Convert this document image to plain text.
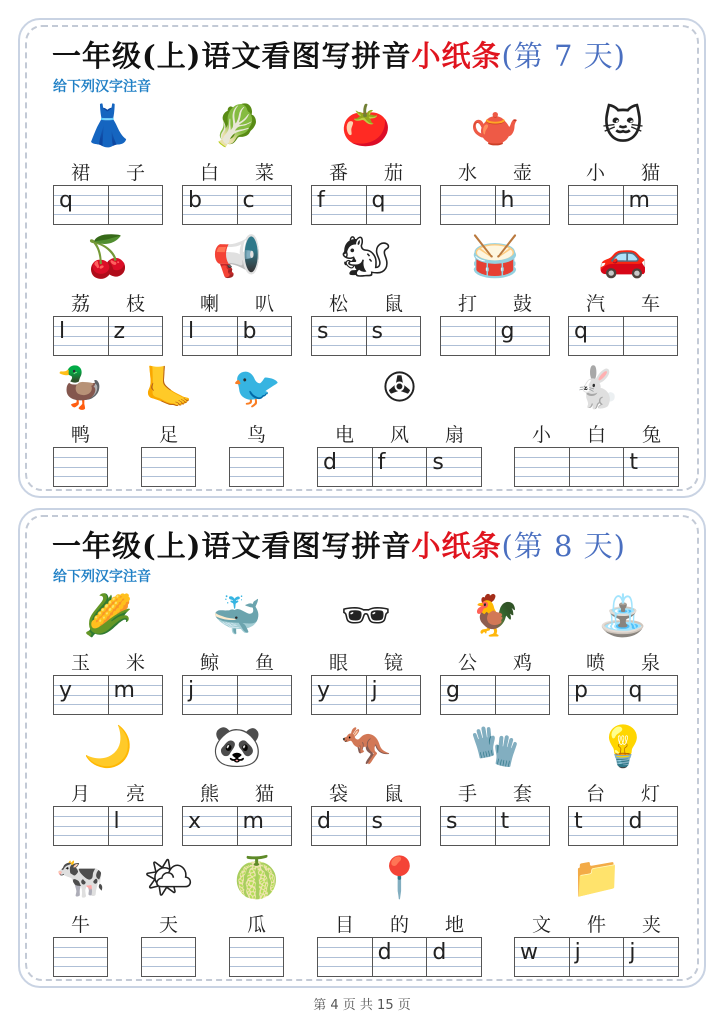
一年级(上)语文看图写拼音小纸条(第 7 天)
给下列汉字注音
👗
裙 子
q
🥬
白 菜
b c
🍅
番 茄
f q
🫖
水 壶
h
🐱
小 猫
m
🍒
荔 枝
l z
📢
喇 叭
l b
🐿
松 鼠
s s
🥁
打 鼓
g
🚗
汽 车
q
🦆
鸭
🦶
足
🐦
鸟
✇
电 风 扇
d f s
🐇
小 白 兔
t
一年级(上)语文看图写拼音小纸条(第 8 天)
给下列汉字注音
🌽
玉 米
y m
🐳
鲸 鱼
j
🕶
眼 镜
y j
🐓
公 鸡
g
⛲
喷 泉
p q
🌙
月 亮
l
🐼
熊 猫
x m
🦘
袋 鼠
d s
🧤
手 套
s t
💡
台 灯
t d
🐄
牛
🌤
天
🍈
瓜
📍
目 的 地
d d
📁
文 件 夹
w j j
第 4 页 共 15 页
